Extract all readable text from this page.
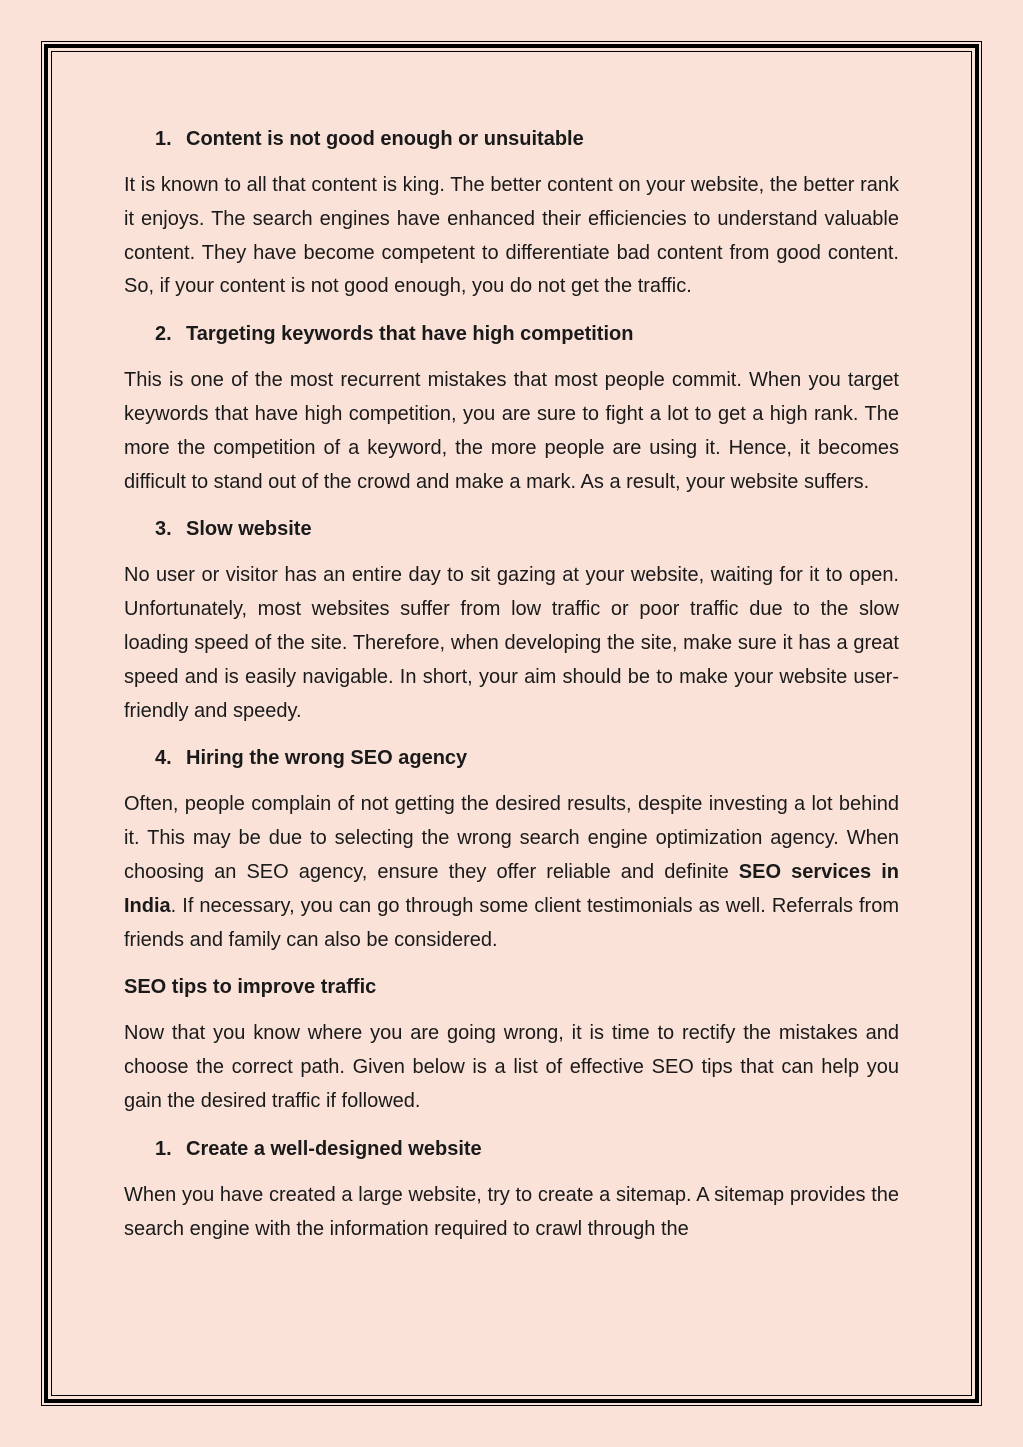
1. Content is not good enough or unsuitable

It is known to all that content is king. The better content on your website, the better rank it enjoys. The search engines have enhanced their efficiencies to understand valuable content. They have become competent to differentiate bad content from good content. So, if your content is not good enough, you do not get the traffic.

2. Targeting keywords that have high competition

This is one of the most recurrent mistakes that most people commit. When you target keywords that have high competition, you are sure to fight a lot to get a high rank. The more the competition of a keyword, the more people are using it. Hence, it becomes difficult to stand out of the crowd and make a mark. As a result, your website suffers.

3. Slow website

No user or visitor has an entire day to sit gazing at your website, waiting for it to open. Unfortunately, most websites suffer from low traffic or poor traffic due to the slow loading speed of the site. Therefore, when developing the site, make sure it has a great speed and is easily navigable. In short, your aim should be to make your website user-friendly and speedy.

4. Hiring the wrong SEO agency

Often, people complain of not getting the desired results, despite investing a lot behind it. This may be due to selecting the wrong search engine optimization agency. When choosing an SEO agency, ensure they offer reliable and definite SEO services in India. If necessary, you can go through some client testimonials as well. Referrals from friends and family can also be considered.

SEO tips to improve traffic

Now that you know where you are going wrong, it is time to rectify the mistakes and choose the correct path. Given below is a list of effective SEO tips that can help you gain the desired traffic if followed.

1. Create a well-designed website

When you have created a large website, try to create a sitemap. A sitemap provides the search engine with the information required to crawl through the
